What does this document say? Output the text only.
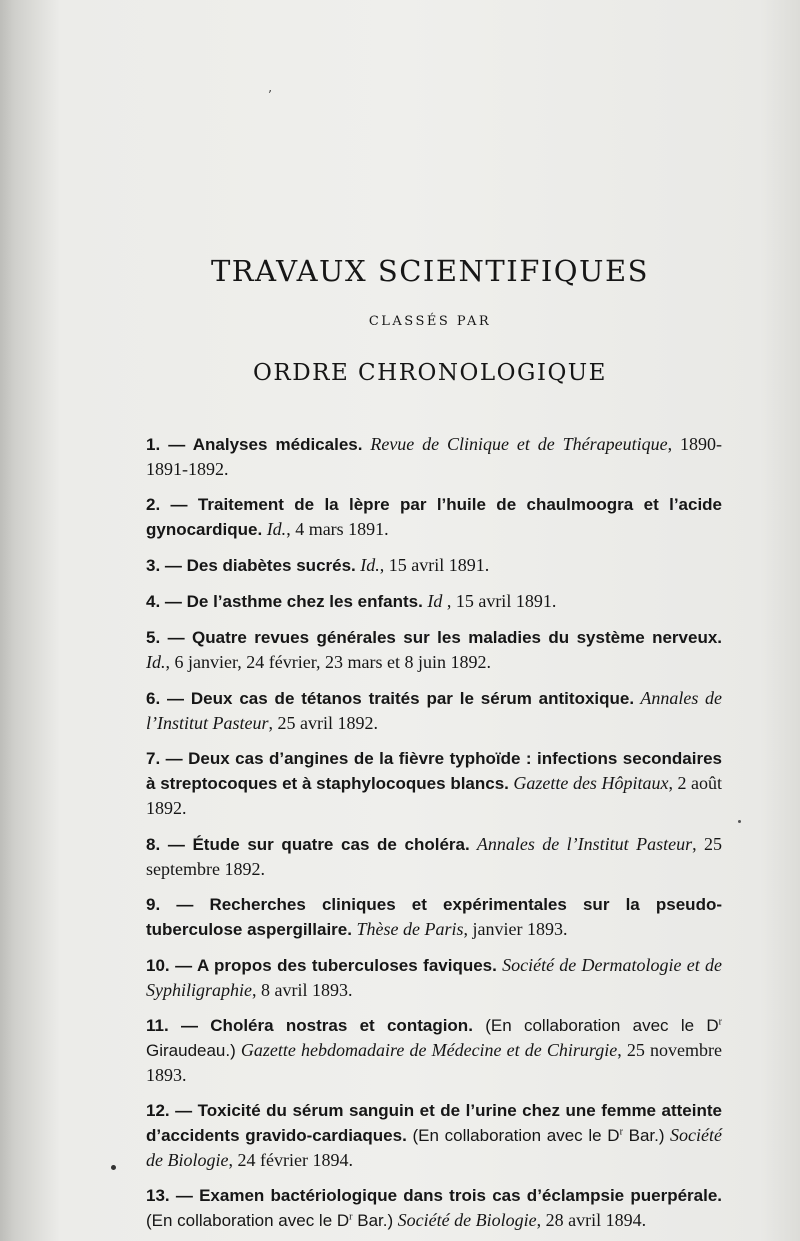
’
TRAVAUX SCIENTIFIQUES
CLASSÉS PAR
ORDRE CHRONOLOGIQUE
1. — Analyses médicales. Revue de Clinique et de Thérapeutique, 1890-1891-1892.
2. — Traitement de la lèpre par l’huile de chaulmoogra et l’acide gynocardique. Id., 4 mars 1891.
3. — Des diabètes sucrés. Id., 15 avril 1891.
4. — De l’asthme chez les enfants. Id , 15 avril 1891.
5. — Quatre revues générales sur les maladies du système nerveux. Id., 6 janvier, 24 février, 23 mars et 8 juin 1892.
6. — Deux cas de tétanos traités par le sérum antitoxique. Annales de l’Institut Pasteur, 25 avril 1892.
7. — Deux cas d’angines de la fièvre typhoïde : infections secondaires à streptocoques et à staphylocoques blancs. Gazette des Hôpitaux, 2 août 1892.
8. — Étude sur quatre cas de choléra. Annales de l’Institut Pasteur, 25 septembre 1892.
9. — Recherches cliniques et expérimentales sur la pseudo-tuberculose aspergillaire. Thèse de Paris, janvier 1893.
10. — A propos des tuberculoses faviques. Société de Dermatologie et de Syphiligraphie, 8 avril 1893.
11. — Choléra nostras et contagion. (En collaboration avec le $D^r$ Giraudeau.) Gazette hebdomadaire de Médecine et de Chirurgie, 25 novembre 1893.
12. — Toxicité du sérum sanguin et de l’urine chez une femme atteinte d’accidents gravido-cardiaques. (En collaboration avec le $D^r$ Bar.) Société de Biologie, 24 février 1894.
13. — Examen bactériologique dans trois cas d’éclampsie puerpérale. (En collaboration avec le $D^r$ Bar.) Société de Biologie, 28 avril 1894.
